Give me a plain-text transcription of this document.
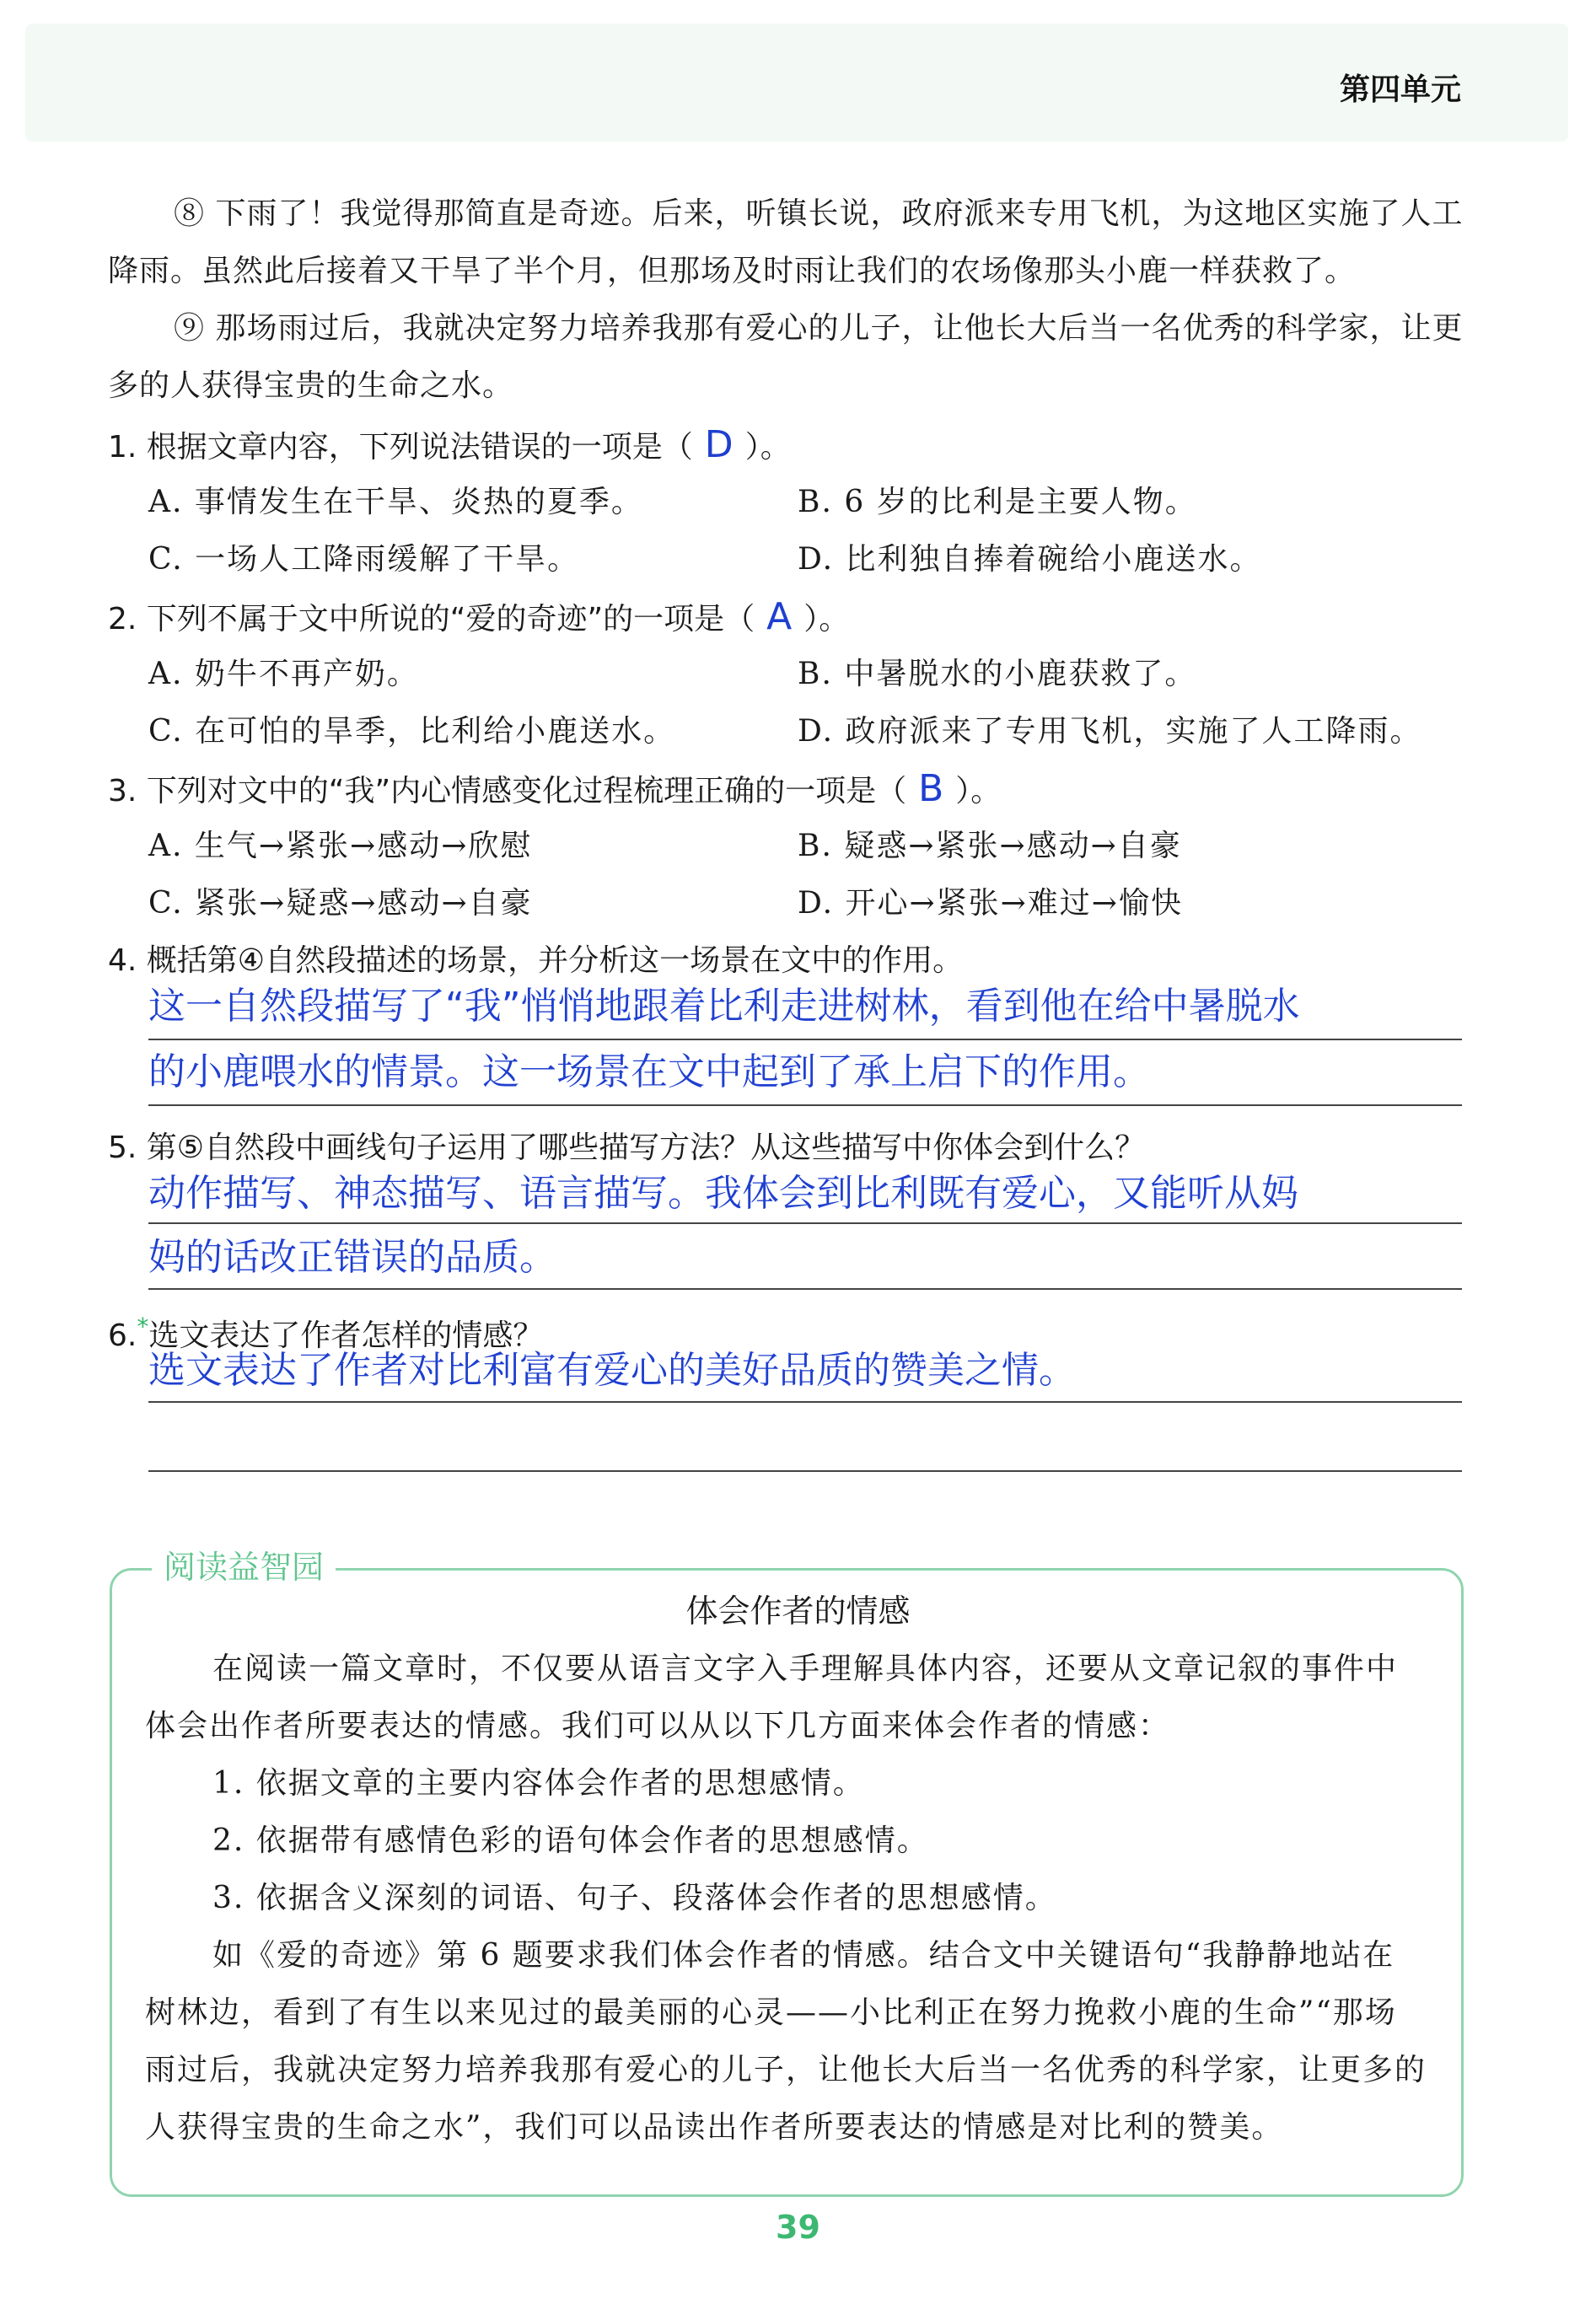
第四单元
⑧ 下雨了！我觉得那简直是奇迹。后来，听镇长说，政府派来专用飞机，为这地区实施了人工降雨。虽然此后接着又干旱了半个月，但那场及时雨让我们的农场像那头小鹿一样获救了。
⑨ 那场雨过后，我就决定努力培养我那有爱心的儿子，让他长大后当一名优秀的科学家，让更多的人获得宝贵的生命之水。
1. 根据文章内容，下列说法错误的一项是（ D ）。
A. 事情发生在干旱、炎热的夏季。	B. 6 岁的比利是主要人物。
C. 一场人工降雨缓解了干旱。	D. 比利独自捧着碗给小鹿送水。
2. 下列不属于文中所说的“爱的奇迹”的一项是（ A ）。
A. 奶牛不再产奶。	B. 中暑脱水的小鹿获救了。
C. 在可怕的旱季，比利给小鹿送水。	D. 政府派来了专用飞机，实施了人工降雨。
3. 下列对文中的“我”内心情感变化过程梳理正确的一项是（ B ）。
A. 生气→紧张→感动→欣慰	B. 疑惑→紧张→感动→自豪
C. 紧张→疑惑→感动→自豪	D. 开心→紧张→难过→愉快
4. 概括第④自然段描述的场景，并分析这一场景在文中的作用。
这一自然段描写了“我”悄悄地跟着比利走进树林，看到他在给中暑脱水
的小鹿喂水的情景。这一场景在文中起到了承上启下的作用。
5. 第⑤自然段中画线句子运用了哪些描写方法？从这些描写中你体会到什么？
动作描写、神态描写、语言描写。我体会到比利既有爱心，又能听从妈
妈的话改正错误的品质。
6.*选文表达了作者怎样的情感？
选文表达了作者对比利富有爱心的美好品质的赞美之情。
阅读益智园
体会作者的情感
在阅读一篇文章时，不仅要从语言文字入手理解具体内容，还要从文章记叙的事件中体会出作者所要表达的情感。我们可以从以下几方面来体会作者的情感：
1. 依据文章的主要内容体会作者的思想感情。
2. 依据带有感情色彩的语句体会作者的思想感情。
3. 依据含义深刻的词语、句子、段落体会作者的思想感情。
如《爱的奇迹》第 6 题要求我们体会作者的情感。结合文中关键语句“我静静地站在树林边，看到了有生以来见过的最美丽的心灵——小比利正在努力挽救小鹿的生命”“那场雨过后，我就决定努力培养我那有爱心的儿子，让他长大后当一名优秀的科学家，让更多的人获得宝贵的生命之水”，我们可以品读出作者所要表达的情感是对比利的赞美。
39
